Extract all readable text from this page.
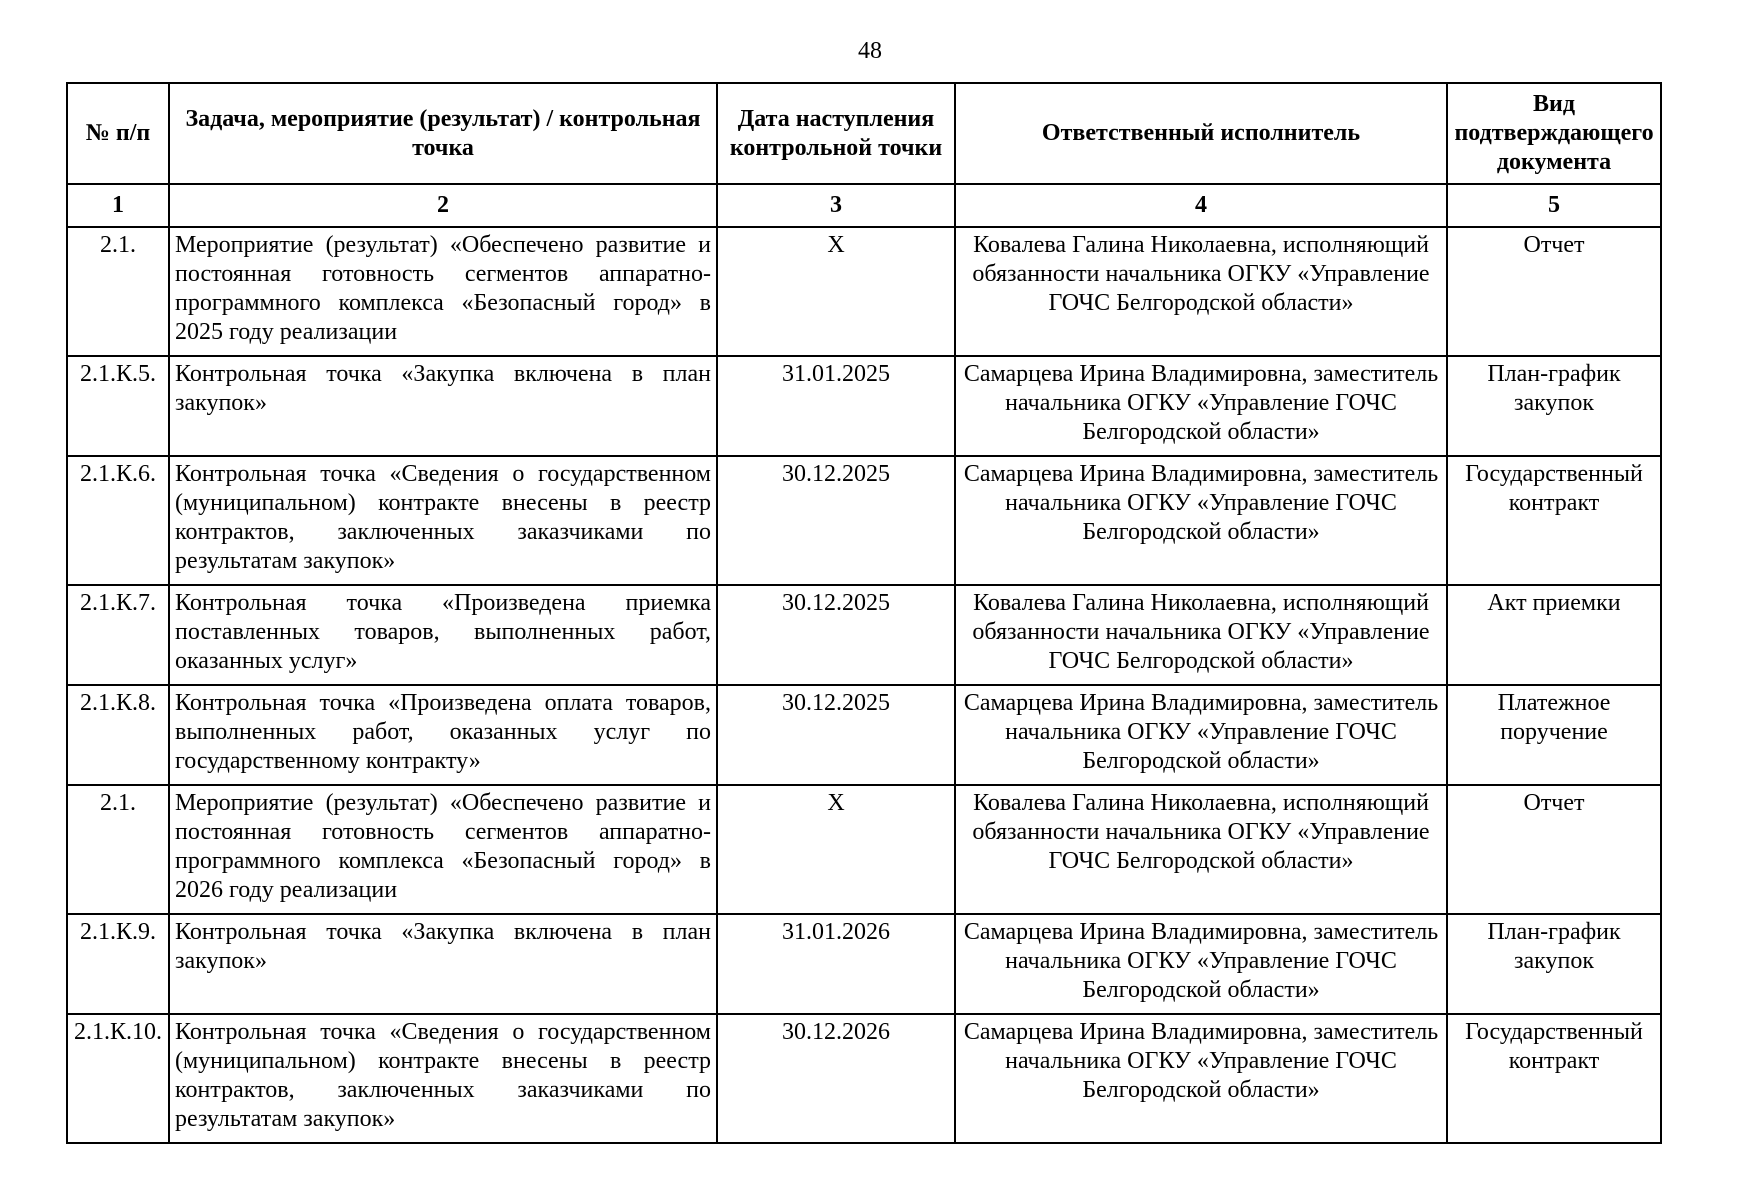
48
№ п/п	Задача, мероприятие (результат) / контрольная точка	Дата наступления контрольной точки	Ответственный исполнитель	Вид подтверждающего документа
1	2	3	4	5
2.1.	Мероприятие (результат) «Обеспечено развитие и постоянная готовность сегментов аппаратно-программного комплекса «Безопасный город» в 2025 году реализации	Х	Ковалева Галина Николаевна, исполняющий обязанности начальника ОГКУ «Управление ГОЧС Белгородской области»	Отчет
2.1.К.5.	Контрольная точка «Закупка включена в план закупок»	31.01.2025	Самарцева Ирина Владимировна, заместитель начальника ОГКУ «Управление ГОЧС Белгородской области»	План-график закупок
2.1.К.6.	Контрольная точка «Сведения о государственном (муниципальном) контракте внесены в реестр контрактов, заключенных заказчиками по результатам закупок»	30.12.2025	Самарцева Ирина Владимировна, заместитель начальника ОГКУ «Управление ГОЧС Белгородской области»	Государственный контракт
2.1.К.7.	Контрольная точка «Произведена приемка поставленных товаров, выполненных работ, оказанных услуг»	30.12.2025	Ковалева Галина Николаевна, исполняющий обязанности начальника ОГКУ «Управление ГОЧС Белгородской области»	Акт приемки
2.1.К.8.	Контрольная точка «Произведена оплата товаров, выполненных работ, оказанных услуг по государственному контракту»	30.12.2025	Самарцева Ирина Владимировна, заместитель начальника ОГКУ «Управление ГОЧС Белгородской области»	Платежное поручение
2.1.	Мероприятие (результат) «Обеспечено развитие и постоянная готовность сегментов аппаратно-программного комплекса «Безопасный город» в 2026 году реализации	Х	Ковалева Галина Николаевна, исполняющий обязанности начальника ОГКУ «Управление ГОЧС Белгородской области»	Отчет
2.1.К.9.	Контрольная точка «Закупка включена в план закупок»	31.01.2026	Самарцева Ирина Владимировна, заместитель начальника ОГКУ «Управление ГОЧС Белгородской области»	План-график закупок
2.1.К.10.	Контрольная точка «Сведения о государственном (муниципальном) контракте внесены в реестр контрактов, заключенных заказчиками по результатам закупок»	30.12.2026	Самарцева Ирина Владимировна, заместитель начальника ОГКУ «Управление ГОЧС Белгородской области»	Государственный контракт
